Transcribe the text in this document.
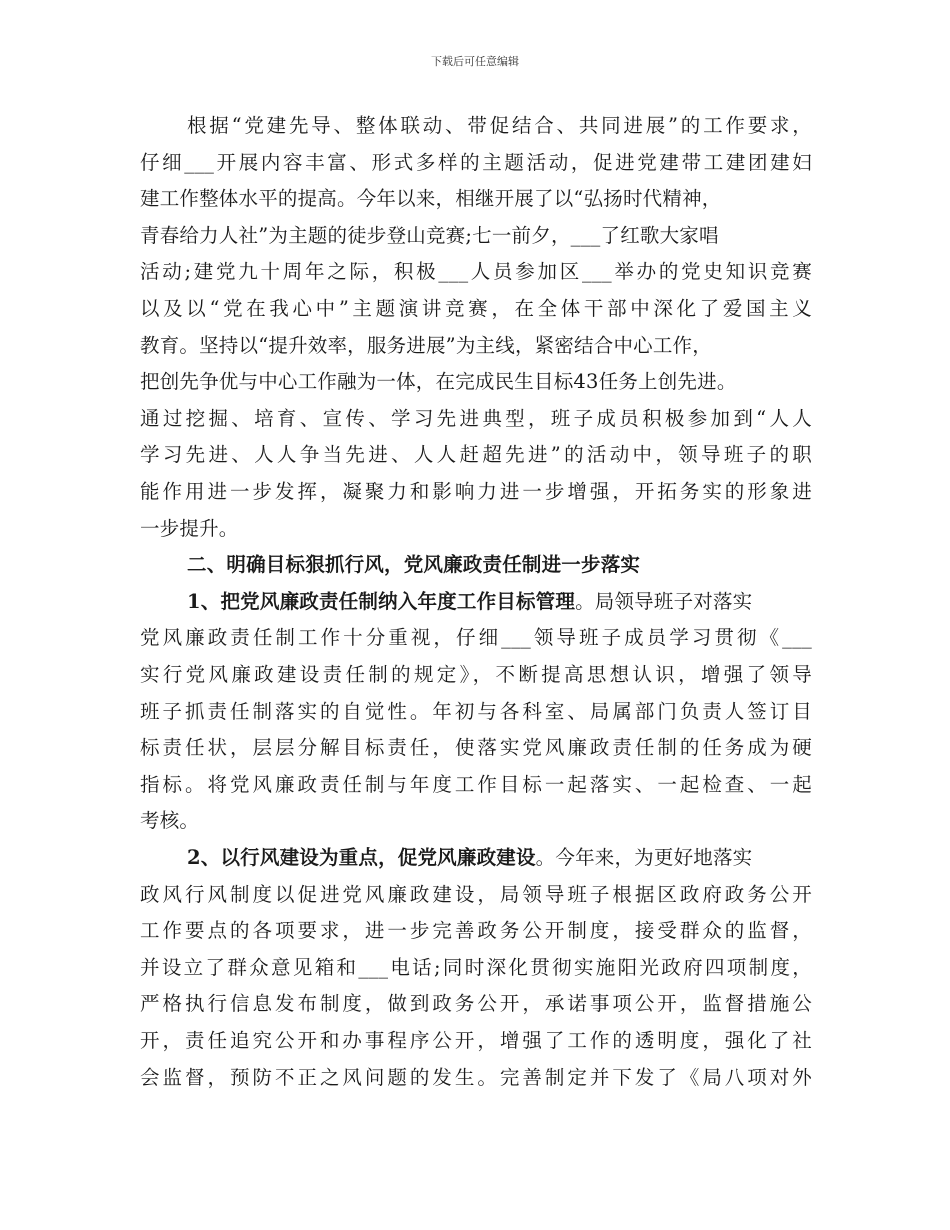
下载后可任意编辑
根据“党建先导、整体联动、带促结合、共同进展”的工作要求，
仔细___开展内容丰富、形式多样的主题活动，促进党建带工建团建妇
建工作整体水平的提高。今年以来，相继开展了以“弘扬时代精神，
青春给力人社”为主题的徒步登山竞赛;七一前夕，___了红歌大家唱
活动;建党九十周年之际，积极___人员参加区___举办的党史知识竞赛
以及以“党在我心中”主题演讲竞赛，在全体干部中深化了爱国主义
教育。坚持以“提升效率，服务进展”为主线，紧密结合中心工作，
把创先争优与中心工作融为一体，在完成民生目标43任务上创先进。
通过挖掘、培育、宣传、学习先进典型，班子成员积极参加到“人人
学习先进、人人争当先进、人人赶超先进”的活动中，领导班子的职
能作用进一步发挥，凝聚力和影响力进一步增强，开拓务实的形象进
一步提升。
二、明确目标狠抓行风，党风廉政责任制进一步落实
1、把党风廉政责任制纳入年度工作目标管理。局领导班子对落实
党风廉政责任制工作十分重视，仔细___领导班子成员学习贯彻《___
实行党风廉政建设责任制的规定》，不断提高思想认识，增强了领导
班子抓责任制落实的自觉性。年初与各科室、局属部门负责人签订目
标责任状，层层分解目标责任，使落实党风廉政责任制的任务成为硬
指标。将党风廉政责任制与年度工作目标一起落实、一起检查、一起
考核。
2、以行风建设为重点，促党风廉政建设。今年来，为更好地落实
政风行风制度以促进党风廉政建设，局领导班子根据区政府政务公开
工作要点的各项要求，进一步完善政务公开制度，接受群众的监督，
并设立了群众意见箱和___电话;同时深化贯彻实施阳光政府四项制度，
严格执行信息发布制度，做到政务公开，承诺事项公开，监督措施公
开，责任追究公开和办事程序公开，增强了工作的透明度，强化了社
会监督，预防不正之风问题的发生。完善制定并下发了《局八项对外
